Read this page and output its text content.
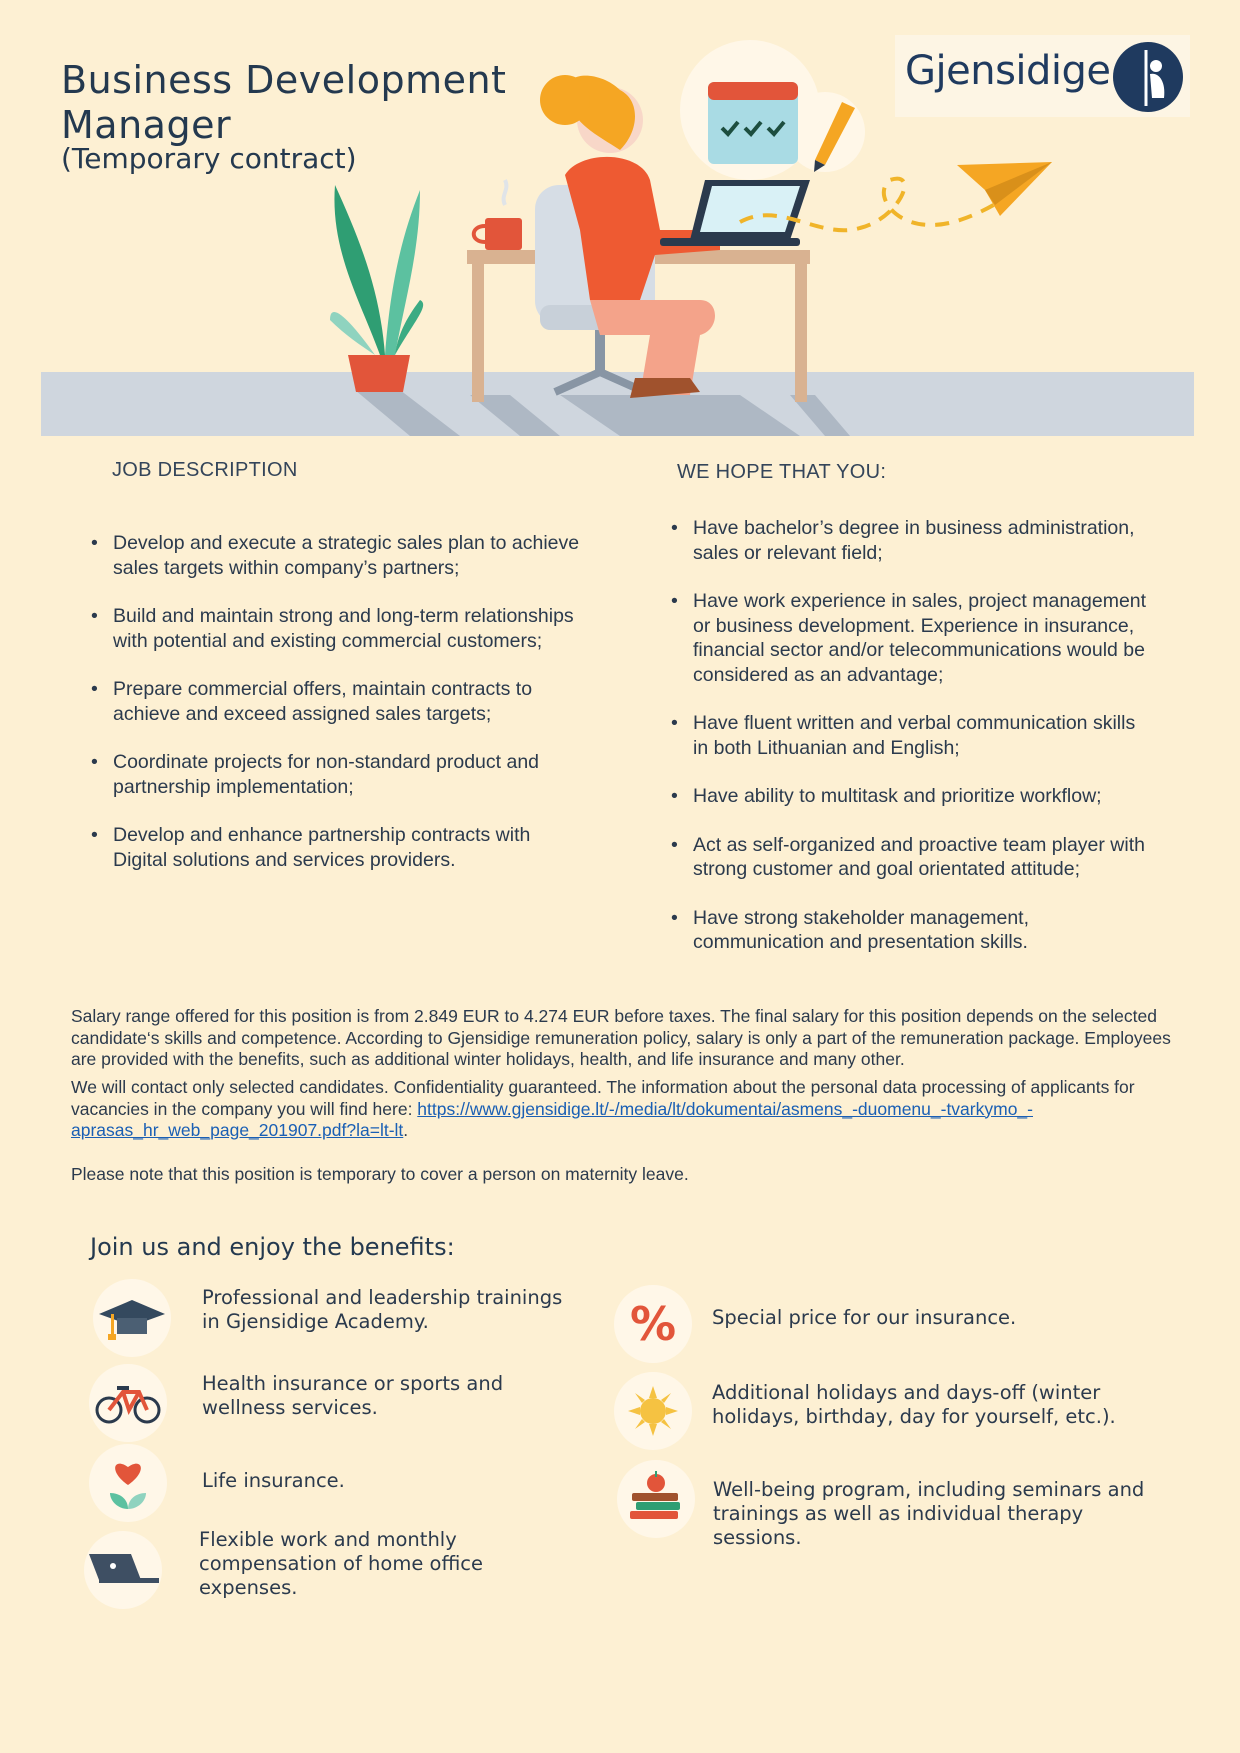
Business Development Manager
(Temporary contract)
Gjensidige
JOB DESCRIPTION
• Develop and execute a strategic sales plan to achieve sales targets within company’s partners;
• Build and maintain strong and long-term relationships with potential and existing commercial customers;
• Prepare commercial offers, maintain contracts to achieve and exceed assigned sales targets;
• Coordinate projects for non-standard product and partnership implementation;
• Develop and enhance partnership contracts with Digital solutions and services providers.
WE HOPE THAT YOU:
• Have bachelor’s degree in business administration, sales or relevant field;
• Have work experience in sales, project management or business development. Experience in insurance, financial sector and/or telecommunications would be considered as an advantage;
• Have fluent written and verbal communication skills in both Lithuanian and English;
• Have ability to multitask and prioritize workflow;
• Act as self-organized and proactive team player with strong customer and goal orientated attitude;
• Have strong stakeholder management, communication and presentation skills.
Salary range offered for this position is from 2.849 EUR to 4.274 EUR before taxes. The final salary for this position depends on the selected candidate‘s skills and competence. According to Gjensidige remuneration policy, salary is only a part of the remuneration package. Employees are provided with the benefits, such as additional winter holidays, health, and life insurance and many other.
We will contact only selected candidates. Confidentiality guaranteed. The information about the personal data processing of applicants for vacancies in the company you will find here: https://www.gjensidige.lt/-/media/lt/dokumentai/asmens_-duomenu_-tvarkymo_-aprasas_hr_web_page_201907.pdf?la=lt-lt.
Please note that this position is temporary to cover a person on maternity leave.
Join us and enjoy the benefits:
Professional and leadership trainings in Gjensidige Academy.
Health insurance or sports and wellness services.
Life insurance.
Flexible work and monthly compensation of home office expenses.
% Special price for our insurance.
Additional holidays and days-off (winter holidays, birthday, day for yourself, etc.).
Well-being program, including seminars and trainings as well as individual therapy sessions.
